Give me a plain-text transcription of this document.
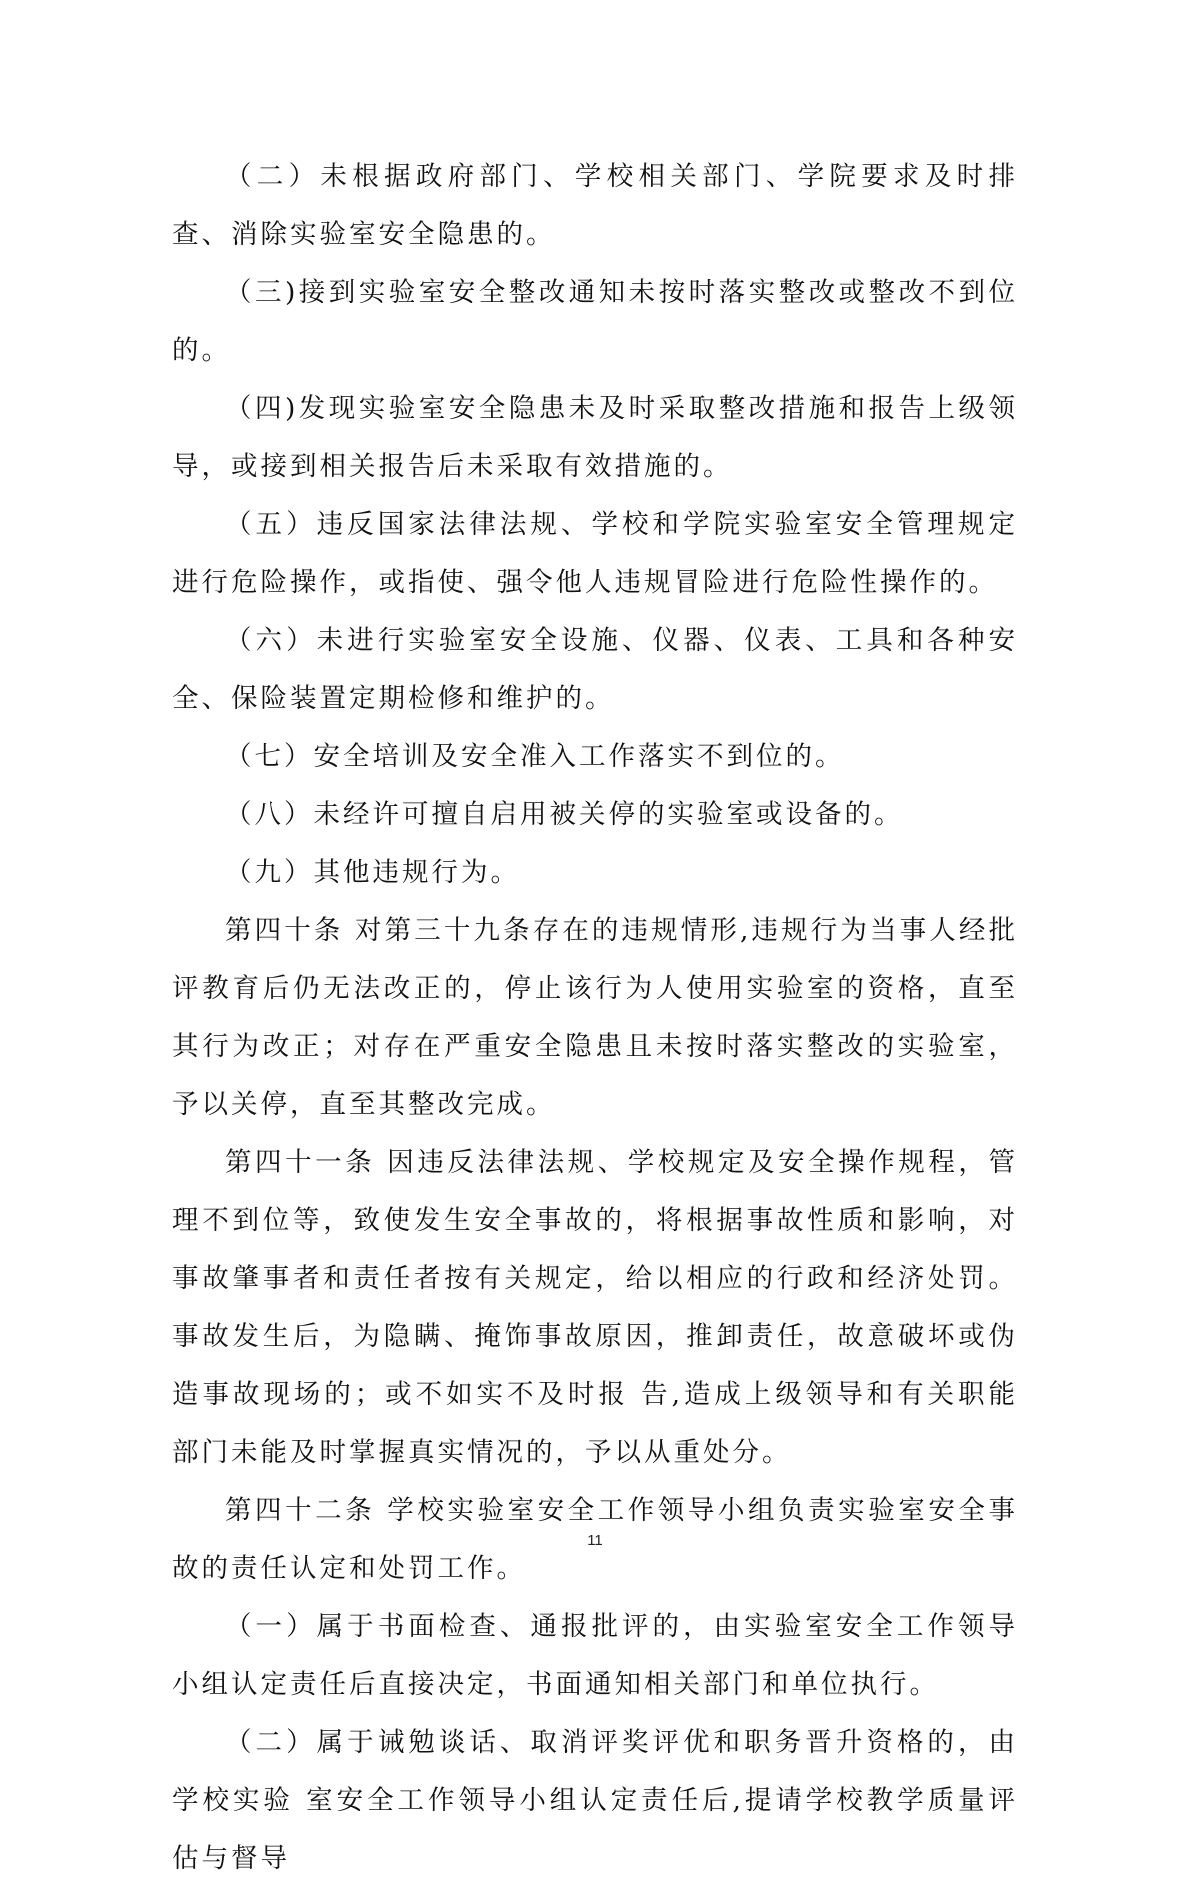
（二）未根据政府部门、学校相关部门、学院要求及时排查、消除实验室安全隐患的。

（三)接到实验室安全整改通知未按时落实整改或整改不到位的。

（四)发现实验室安全隐患未及时采取整改措施和报告上级领导，或接到相关报告后未采取有效措施的。

（五）违反国家法律法规、学校和学院实验室安全管理规定进行危险操作，或指使、强令他人违规冒险进行危险性操作的。

（六）未进行实验室安全设施、仪器、仪表、工具和各种安全、保险装置定期检修和维护的。

（七）安全培训及安全准入工作落实不到位的。

（八）未经许可擅自启用被关停的实验室或设备的。

（九）其他违规行为。

第四十条 对第三十九条存在的违规情形,违规行为当事人经批评教育后仍无法改正的，停止该行为人使用实验室的资格，直至其行为改正；对存在严重安全隐患且未按时落实整改的实验室，予以关停，直至其整改完成。

第四十一条 因违反法律法规、学校规定及安全操作规程，管理不到位等，致使发生安全事故的，将根据事故性质和影响，对事故肇事者和责任者按有关规定，给以相应的行政和经济处罚。事故发生后，为隐瞒、掩饰事故原因，推卸责任，故意破坏或伪造事故现场的；或不如实不及时报 告,造成上级领导和有关职能部门未能及时掌握真实情况的，予以从重处分。

第四十二条 学校实验室安全工作领导小组负责实验室安全事故的责任认定和处罚工作。

（一）属于书面检查、通报批评的，由实验室安全工作领导小组认定责任后直接决定，书面通知相关部门和单位执行。

（二）属于诫勉谈话、取消评奖评优和职务晋升资格的，由学校实验 室安全工作领导小组认定责任后,提请学校教学质量评估与督导

11
